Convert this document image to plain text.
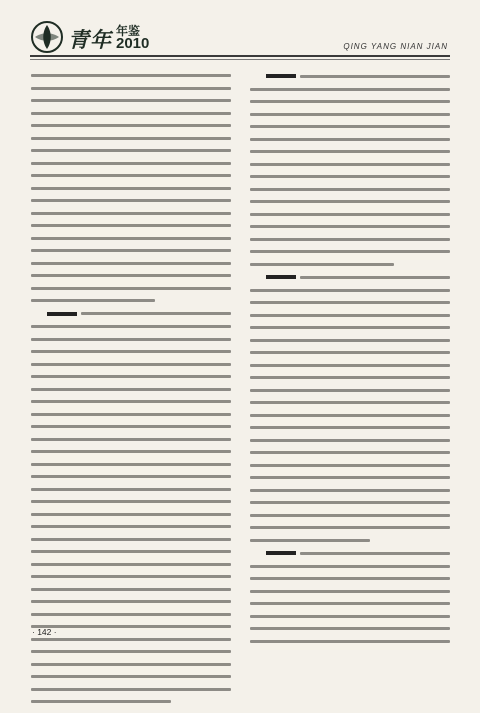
青年 年鉴
2010	QING YANG NIAN JIAN
· 142 ·
